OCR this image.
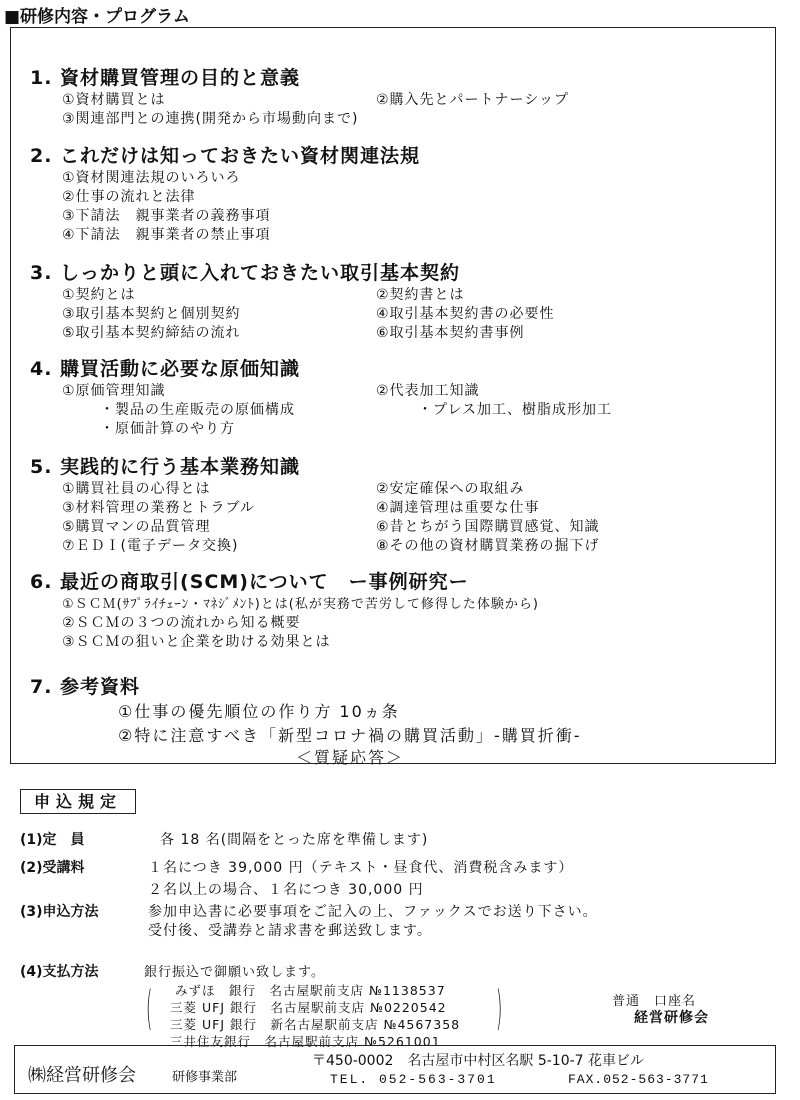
■研修内容・プログラム
1. 資材購買管理の目的と意義
①資材購買とは	②購入先とパートナーシップ
③関連部門との連携(開発から市場動向まで)
2. これだけは知っておきたい資材関連法規
①資材関連法規のいろいろ
②仕事の流れと法律
③下請法　親事業者の義務事項
④下請法　親事業者の禁止事項
3. しっかりと頭に入れておきたい取引基本契約
①契約とは	②契約書とは
③取引基本契約と個別契約	④取引基本契約書の必要性
⑤取引基本契約締結の流れ	⑥取引基本契約書事例
4. 購買活動に必要な原価知識
①原価管理知識	②代表加工知識
・製品の生産販売の原価構成	・プレス加工、樹脂成形加工
・原価計算のやり方
5. 実践的に行う基本業務知識
①購買社員の心得とは	②安定確保への取組み
③材料管理の業務とトラブル	④調達管理は重要な仕事
⑤購買マンの品質管理	⑥昔とちがう国際購買感覚、知識
⑦ＥＤＩ(電子データ交換)	⑧その他の資材購買業務の掘下げ
6. 最近の商取引(SCM)について　ー事例研究ー
①ＳＣＭ(ｻﾌﾟﾗｲﾁｪｰﾝ・ﾏﾈｼﾞﾒﾝﾄ)とは(私が実務で苦労して修得した体験から)
②ＳＣＭの３つの流れから知る概要
③ＳＣＭの狙いと企業を助ける効果とは
7. 参考資料
①仕事の優先順位の作り方 10ヵ条
②特に注意すべき「新型コロナ禍の購買活動」-購買折衝-
＜質疑応答＞
申込規定
(1)定　員	各 18 名(間隔をとった席を準備します)
(2)受講料	１名につき 39,000 円（テキスト・昼食代、消費税含みます）
２名以上の場合、１名につき 30,000 円
(3)申込方法	参加申込書に必要事項をご記入の上、ファックスでお送り下さい。
受付後、受講券と請求書を郵送致します。
(4)支払方法	銀行振込で御願い致します。
(	)
みずほ　銀行　名古屋駅前支店 №1138537
三菱 UFJ 銀行　名古屋駅前支店 №0220542
三菱 UFJ 銀行　新名古屋駅前支店 №4567358
三井住友銀行　名古屋駅前支店 №5261001
普通　口座名
経営研修会
㈱経営研修会	研修事業部
〒450-0002　名古屋市中村区名駅 5-10-7 花車ビル
TEL. 052-563-3701	FAX.052-563-3771
